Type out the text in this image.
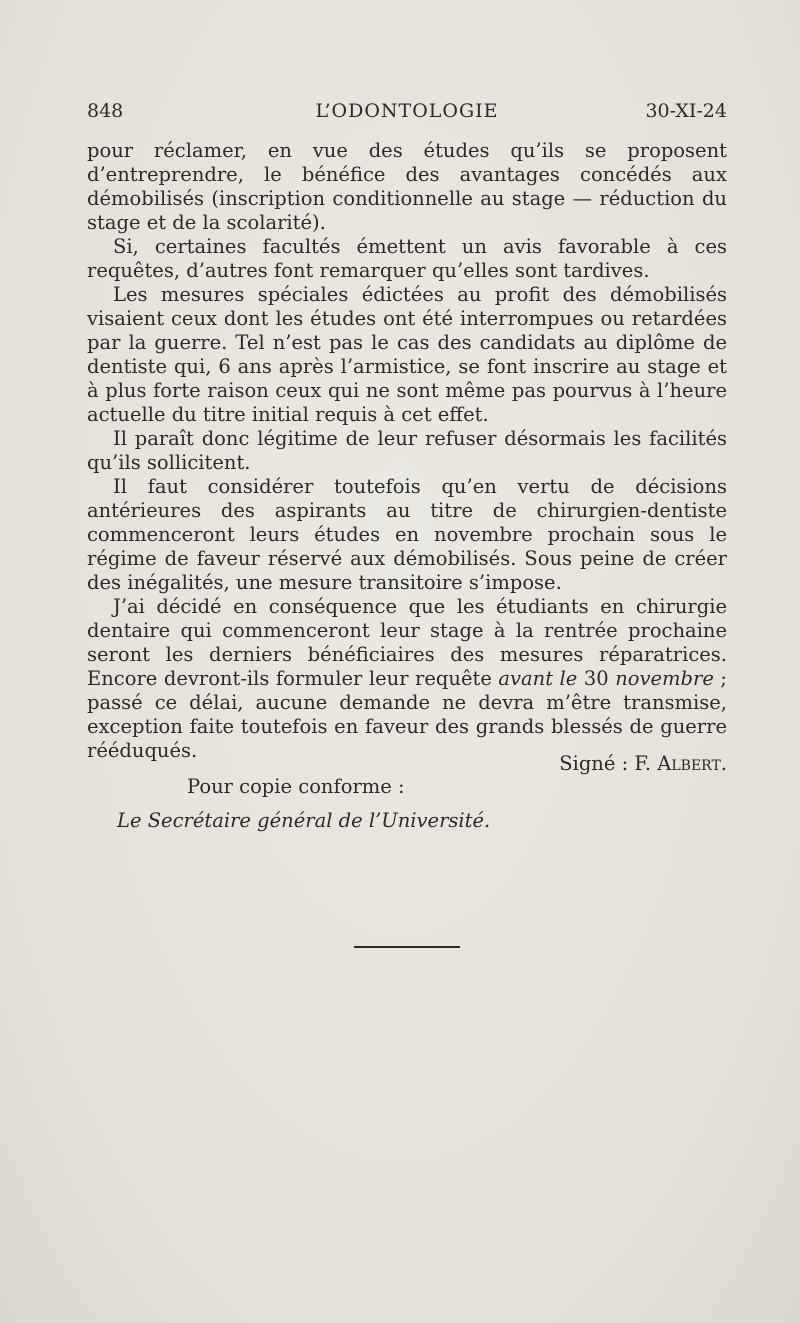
848	L’ODONTOLOGIE	30-XI-24

pour réclamer, en vue des études qu’ils se proposent d’entreprendre, le bénéfice des avantages concédés aux démobilisés (inscription conditionnelle au stage — réduction du stage et de la scolarité).

Si, certaines facultés émettent un avis favorable à ces requêtes, d’autres font remarquer qu’elles sont tardives.

Les mesures spéciales édictées au profit des démobilisés visaient ceux dont les études ont été interrompues ou retardées par la guerre. Tel n’est pas le cas des candidats au diplôme de dentiste qui, 6 ans après l’armistice, se font inscrire au stage et à plus forte raison ceux qui ne sont même pas pourvus à l’heure actuelle du titre initial requis à cet effet.

Il paraît donc légitime de leur refuser désormais les facilités qu’ils sollicitent.

Il faut considérer toutefois qu’en vertu de décisions antérieures des aspirants au titre de chirurgien-dentiste commenceront leurs études en novembre prochain sous le régime de faveur réservé aux démobilisés. Sous peine de créer des inégalités, une mesure transitoire s’impose.

J’ai décidé en conséquence que les étudiants en chirurgie dentaire qui commenceront leur stage à la rentrée prochaine seront les derniers bénéficiaires des mesures réparatrices. Encore devront-ils formuler leur requête avant le 30 novembre ; passé ce délai, aucune demande ne devra m’être transmise, exception faite toutefois en faveur des grands blessés de guerre rééduqués.

Signé : F. Albert.
Pour copie conforme :
Le Secrétaire général de l’Université.
